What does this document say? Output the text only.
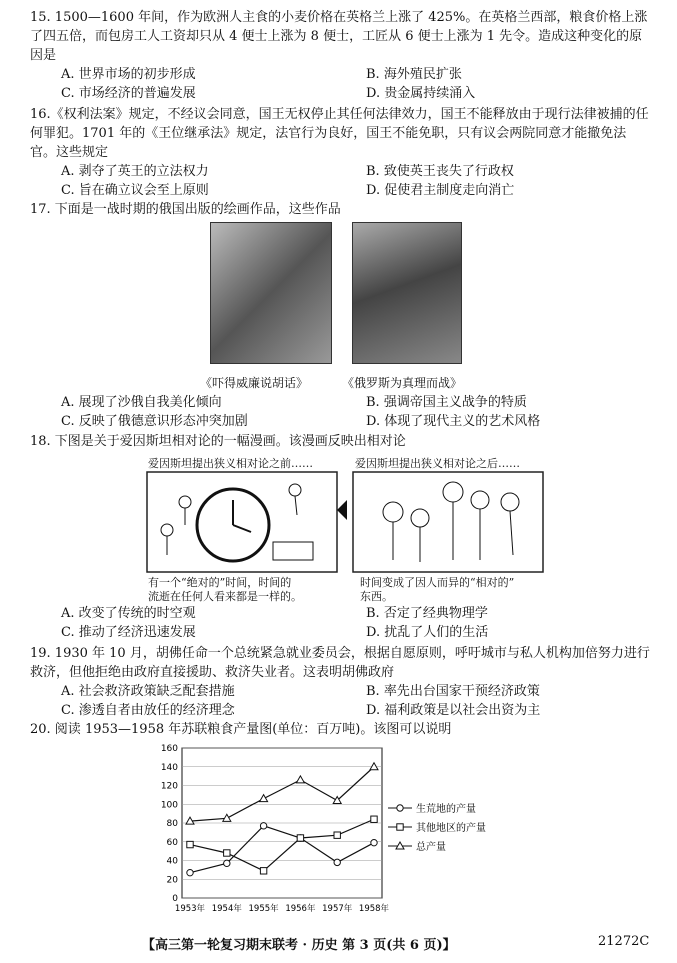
15. 1500—1600 年间，作为欧洲人主食的小麦价格在英格兰上涨了 425%。在英格兰西部，粮食价格上涨了四五倍，而包房工人工资却只从 4 便士上涨为 8 便士，工匠从 6 便士上涨为 1 先令。造成这种变化的原因是

A. 世界市场的初步形成	B. 海外殖民扩张
C. 市场经济的普遍发展	D. 贵金属持续涌入

16.《权利法案》规定，不经议会同意，国王无权停止其任何法律效力，国王不能释放由于现行法律被捕的任何罪犯。1701 年的《王位继承法》规定，法官行为良好，国王不能免职，只有议会两院同意才能撤免法官。这些规定

A. 剥夺了英王的立法权力	B. 致使英王丧失了行政权
C. 旨在确立议会至上原则	D. 促使君主制度走向消亡

17. 下面是一战时期的俄国出版的绘画作品，这些作品

《吓得威廉说胡话》	《俄罗斯为真理而战》
A. 展现了沙俄自我美化倾向	B. 强调帝国主义战争的特质
C. 反映了俄德意识形态冲突加剧	D. 体现了现代主义的艺术风格

18. 下图是关于爱因斯坦相对论的一幅漫画。该漫画反映出相对论

爱因斯坦提出狭义相对论之前……	爱因斯坦提出狭义相对论之后……
有一个“绝对的”时间，时间的
流逝在任何人看来都是一样的。
时间变成了因人而异的“相对的”
东西。
A. 改变了传统的时空观	B. 否定了经典物理学
C. 推动了经济迅速发展	D. 扰乱了人们的生活

19. 1930 年 10 月，胡佛任命一个总统紧急就业委员会，根据自愿原则，呼吁城市与私人机构加倍努力进行救济，但他拒绝由政府直接援助、救济失业者。这表明胡佛政府

A. 社会救济政策缺乏配套措施	B. 率先出台国家干预经济政策
C. 渗透自者由放任的经济理念	D. 福利政策是以社会出资为主

20. 阅读 1953—1958 年苏联粮食产量图(单位：百万吨)。该图可以说明

0
20
40
60
80
100
120
140
160
1953年 1954年 1955年 1956年 1957年 1958年
生荒地的产量
其他地区的产量
总产量
【高三第一轮复习期末联考 · 历史 第 3 页(共 6 页)】	21272C
